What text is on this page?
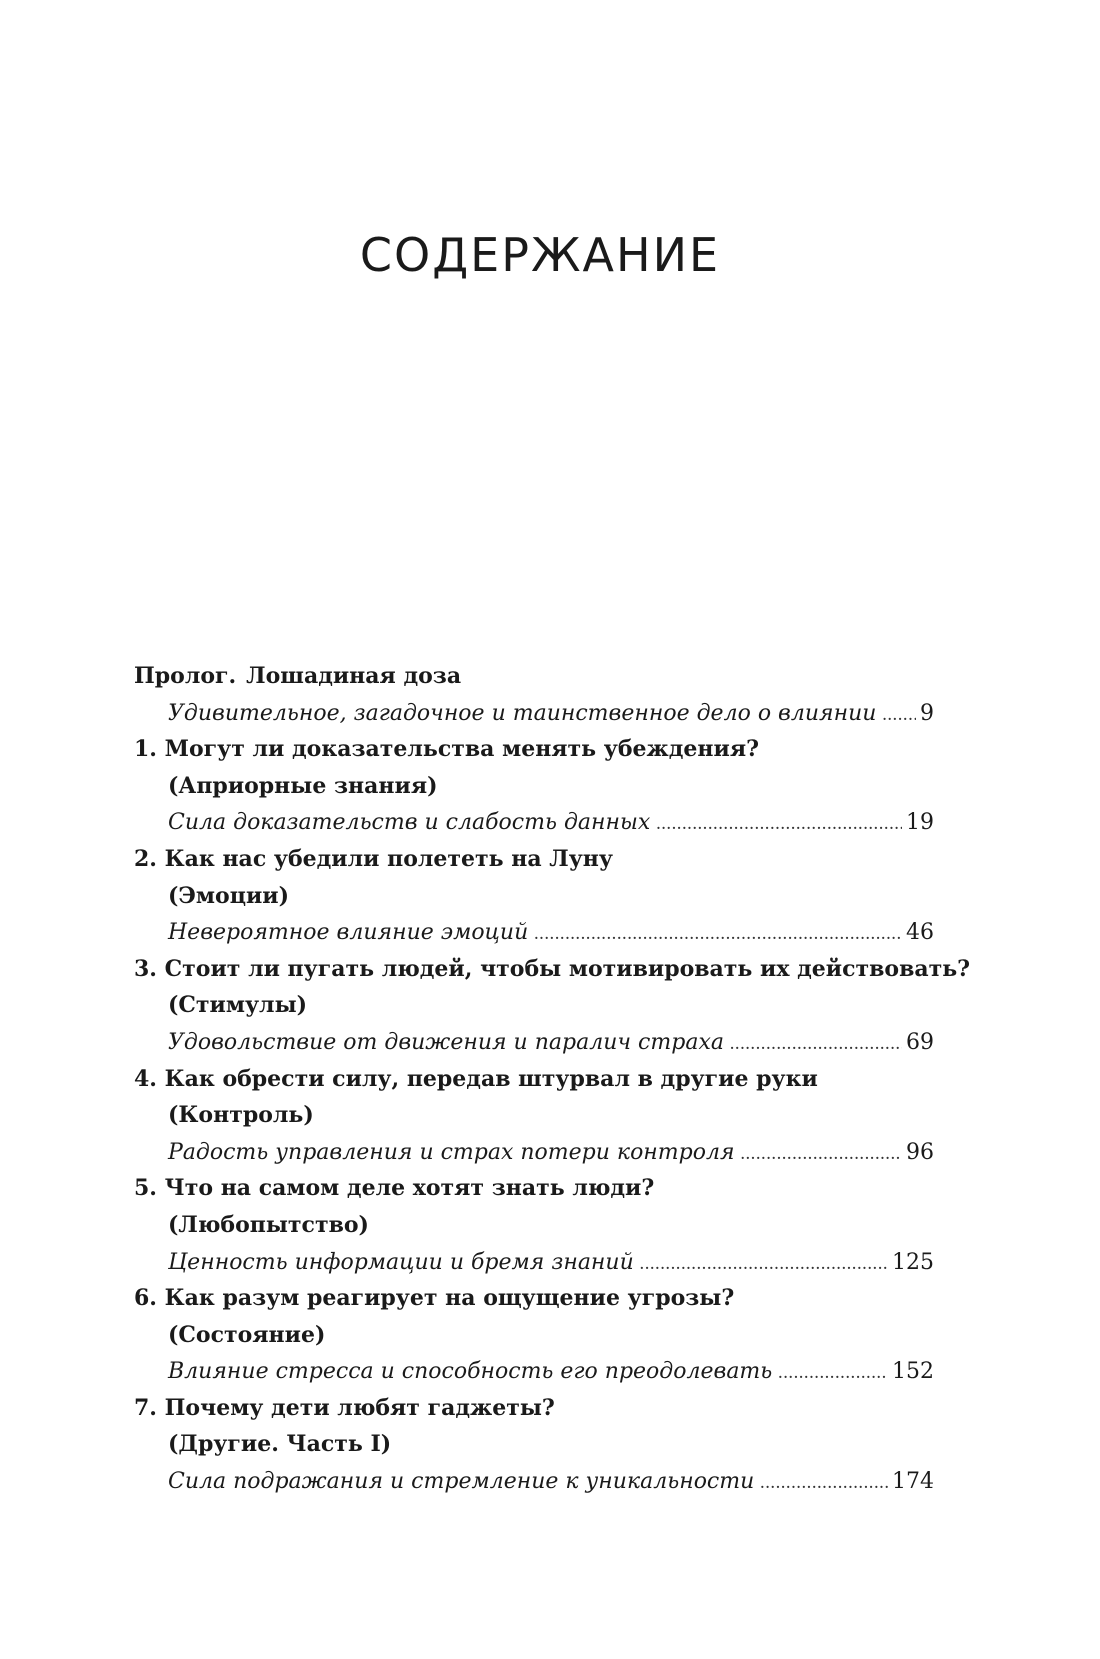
СОДЕРЖАНИЕ
Пролог. Лошадиная доза
Удивительное, загадочное и таинственное дело о влиянии ..... 9
1. Могут ли доказательства менять убеждения?
(Априорные знания)
Сила доказательств и слабость данных .....	19
2. Как нас убедили полететь на Луну
(Эмоции)
Невероятное влияние эмоций .....	46
3. Стоит ли пугать людей, чтобы мотивировать их действовать?
(Стимулы)
Удовольствие от движения и паралич страха .....	69
4. Как обрести силу, передав штурвал в другие руки
(Контроль)
Радость управления и страх потери контроля .....	96
5. Что на самом деле хотят знать люди?
(Любопытство)
Ценность информации и бремя знаний .....	125
6. Как разум реагирует на ощущение угрозы?
(Состояние)
Влияние стресса и способность его преодолевать .....	152
7. Почему дети любят гаджеты?
(Другие. Часть I)
Сила подражания и стремление к уникальности .....	174
